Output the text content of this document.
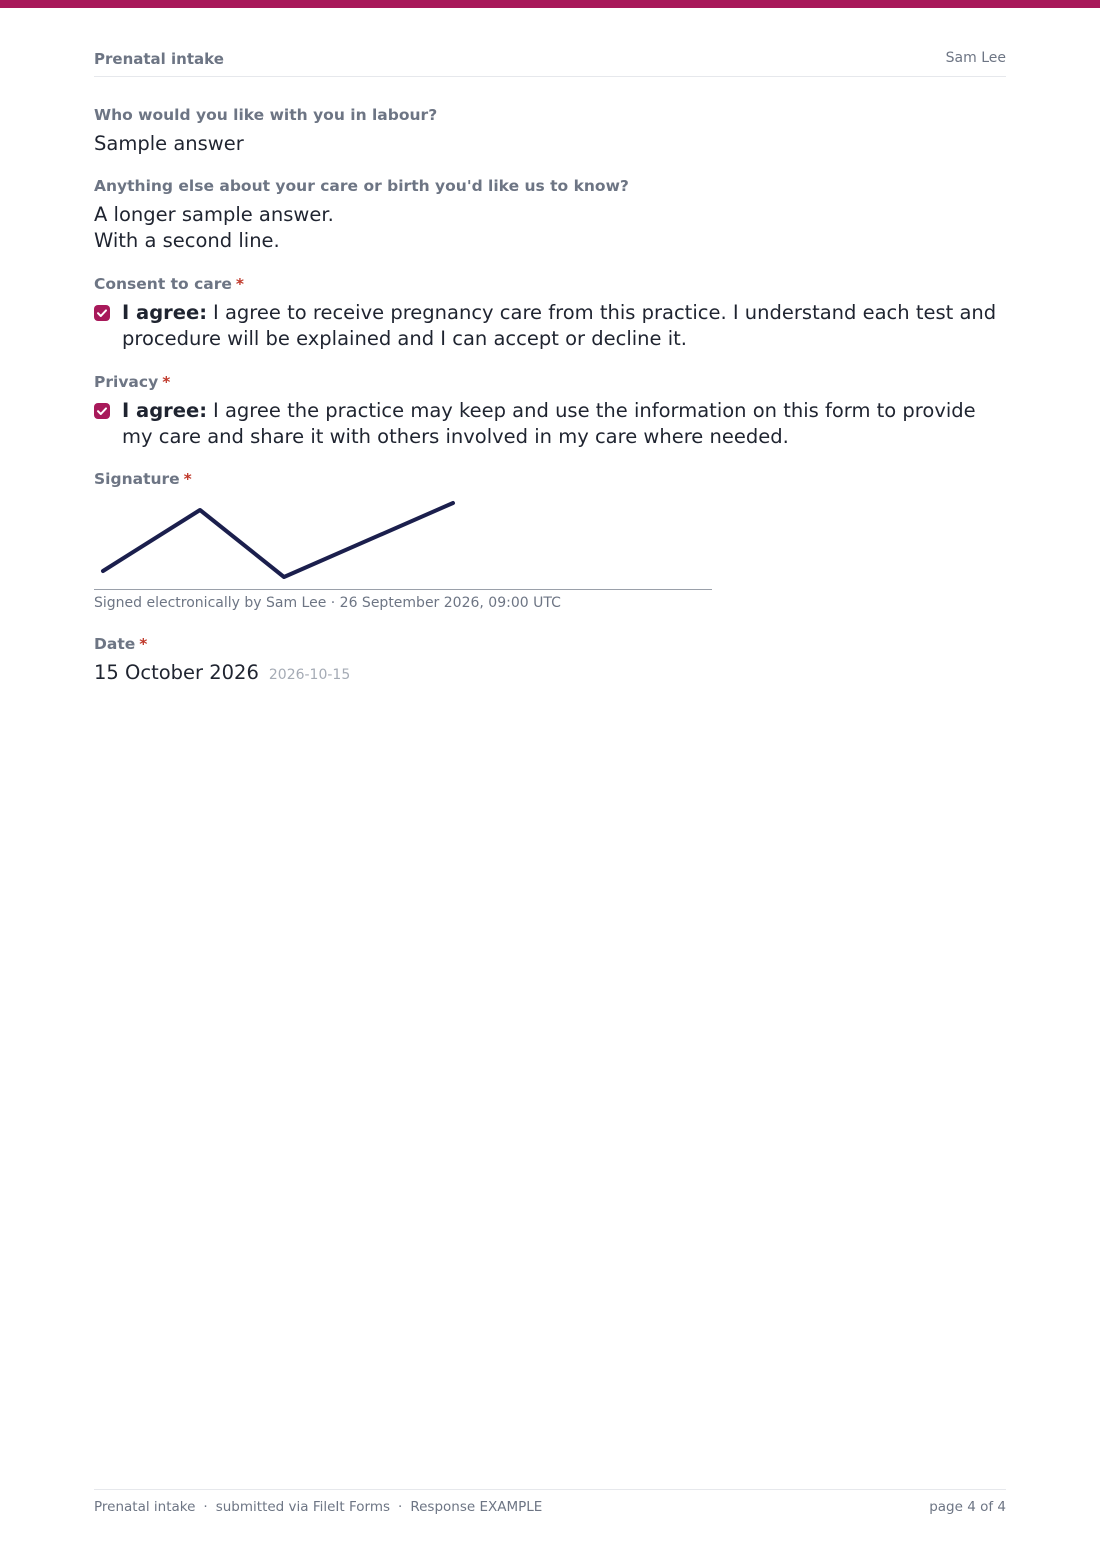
Prenatal intake	Sam Lee
Who would you like with you in labour?
Sample answer
Anything else about your care or birth you'd like us to know?
A longer sample answer.
With a second line.
Consent to care *
I agree: I agree to receive pregnancy care from this practice. I understand each test and procedure will be explained and I can accept or decline it.
Privacy *
I agree: I agree the practice may keep and use the information on this form to provide my care and share it with others involved in my care where needed.
Signature *
Signed electronically by Sam Lee · 26 September 2026, 09:00 UTC
Date *
15 October 2026 2026-10-15
Prenatal intake · submitted via FileIt Forms · Response EXAMPLE	page 4 of 4
